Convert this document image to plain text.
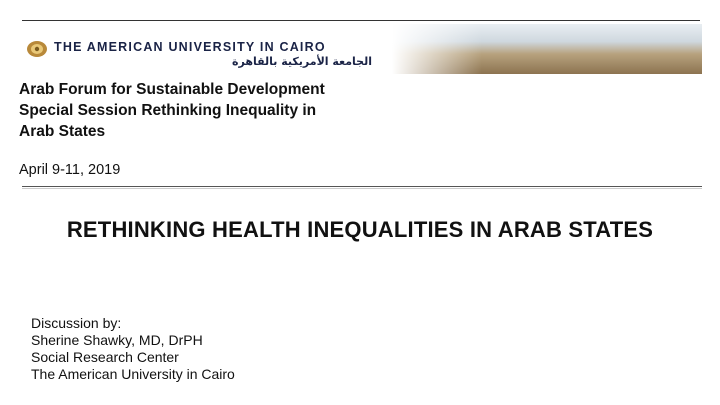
THE AMERICAN UNIVERSITY IN CAIRO
الجامعة الأمريكية بالقاهرة
Arab Forum for Sustainable Development
Special Session Rethinking Inequality in
Arab States
April 9-11, 2019
RETHINKING HEALTH INEQUALITIES IN ARAB STATES
Discussion by:
Sherine Shawky, MD, DrPH
Social Research Center
The American University in Cairo
